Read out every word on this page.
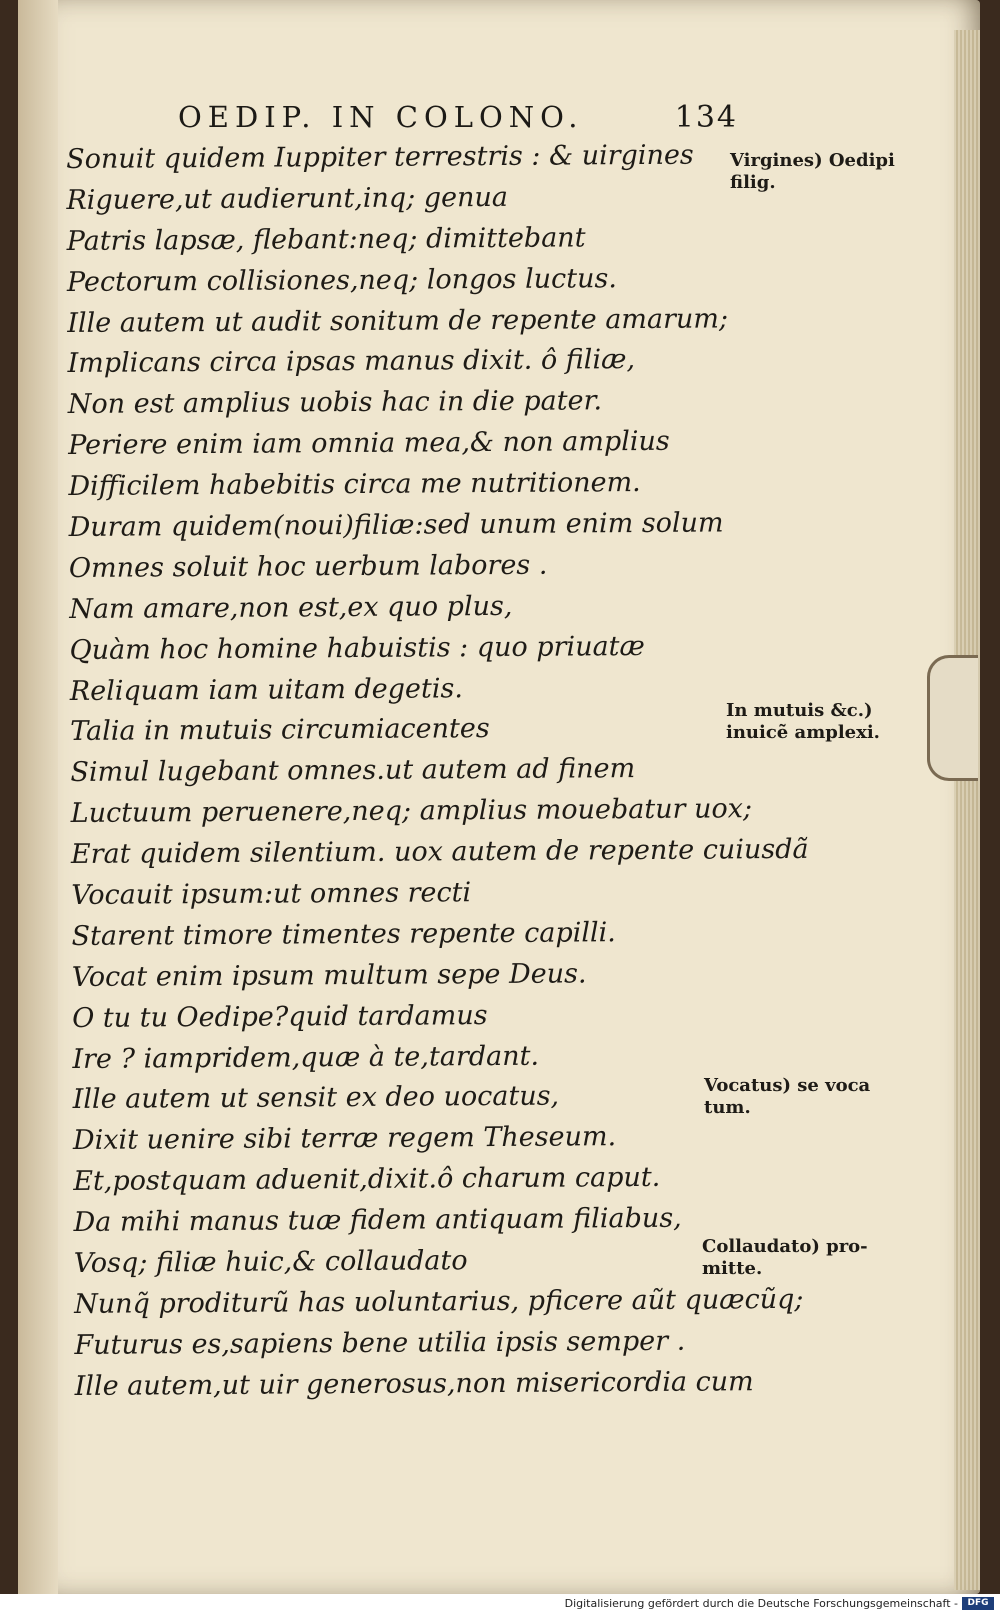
OEDIP. IN COLONO.	134
Sonuit quidem Iuppiter terrestris : & uirgines
Riguere,ut audierunt,inq; genua
Patris lapsæ, flebant:neq; dimittebant
Pectorum collisiones,neq; longos luctus.
Ille autem ut audit sonitum de repente amarum;
Implicans circa ipsas manus dixit. ô filiæ,
Non est amplius uobis hac in die pater.
Periere enim iam omnia mea,& non amplius
Difficilem habebitis circa me nutritionem.
Duram quidem(noui)filiæ:sed unum enim solum
Omnes soluit hoc uerbum labores .
Nam amare,non est,ex quo plus,
Quàm hoc homine habuistis : quo priuatæ
Reliquam iam uitam degetis.
Talia in mutuis circumiacentes
Simul lugebant omnes.ut autem ad finem
Luctuum peruenere,neq; amplius mouebatur uox;
Erat quidem silentium. uox autem de repente cuiusdã
Vocauit ipsum:ut omnes recti
Starent timore timentes repente capilli.
Vocat enim ipsum multum sepe Deus.
O tu tu Oedipe?quid tardamus
Ire ? iampridem,quæ à te,tardant.
Ille autem ut sensit ex deo uocatus,
Dixit uenire sibi terræ regem Theseum.
Et,postquam aduenit,dixit.ô charum caput.
Da mihi manus tuæ fidem antiquam filiabus,
Vosq; filiæ huic,& collaudato
Nunq̃ proditurũ has uoluntarius, pficere aũt quæcũq;
Futurus es,sapiens bene utilia ipsis semper .
Ille autem,ut uir generosus,non misericordia cum
Virgines) Oedipi
filig.
In mutuis &c.)
inuicẽ amplexi.
Vocatus) se voca
tum.
Collaudato) pro-
mitte.
Digitalisierung gefördert durch die Deutsche Forschungsgemeinschaft -	DFG
